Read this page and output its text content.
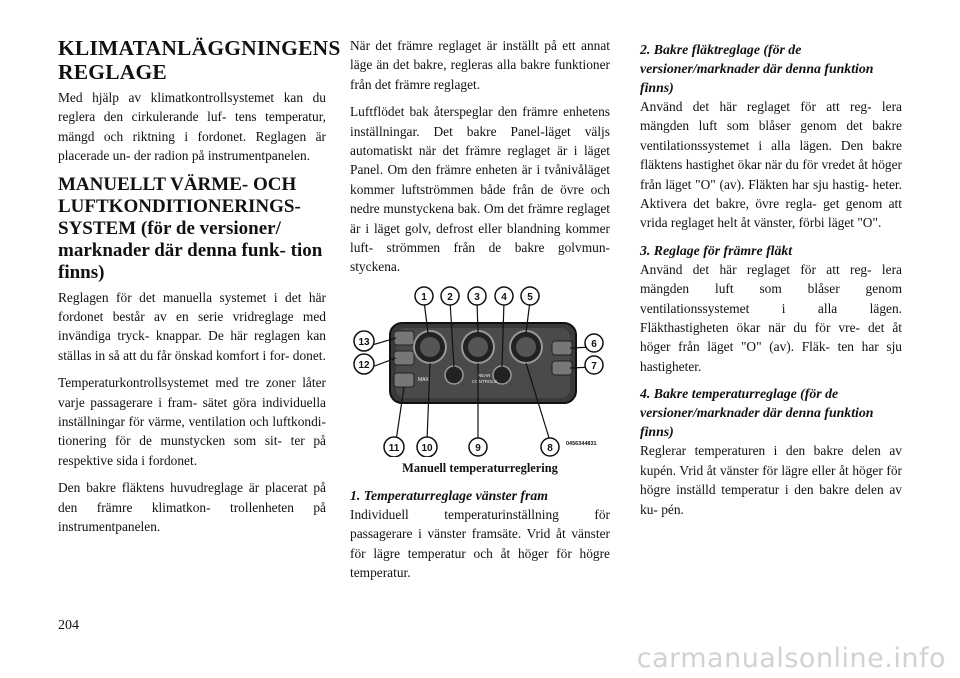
KLIMATANLÄGGNINGENS REGLAGE

Med hjälp av klimatkontrollsystemet kan du reglera den cirkulerande luf- tens temperatur, mängd och riktning i fordonet. Reglagen är placerade un- der radion på instrumentpanelen.

MANUELLT VÄRME- OCH LUFTKONDITIONERINGS- SYSTEM (för de versioner/ marknader där denna funk- tion finns)

Reglagen för det manuella systemet i det här fordonet består av en serie vridreglage med invändiga tryck- knappar. De här reglagen kan ställas in så att du får önskad komfort i for- donet.

Temperaturkontrollsystemet med tre zoner låter varje passagerare i fram- sätet göra individuella inställningar för värme, ventilation och luftkondi- tionering för de munstycken som sit- ter på respektive sida i fordonet.

Den bakre fläktens huvudreglage är placerat på den främre klimatkon- trollenheten på instrumentpanelen.

När det främre reglaget är inställt på ett annat läge än det bakre, regleras alla bakre funktioner från det främre reglaget.

Luftflödet bak återspeglar den främre enhetens inställningar. Det bakre Panel-läget väljs automatiskt när det främre reglaget är i läget Panel. Om den främre enheten är i tvånivåläget kommer luftströmmen både från de övre och nedre munstyckena bak. Om det främre reglaget är i läget golv, defrost eller blandning kommer luft- strömmen från de bakre golvmun- styckena.

MAX
REAR
CONTROLS
1 2 3 4 5
13
12
6
7
11 10	9	8 0456344831
Manuell temperaturreglering
1. Temperaturreglage vänster fram

Individuell temperaturinställning för passagerare i vänster framsäte. Vrid åt vänster för lägre temperatur och åt höger för högre temperatur.

2. Bakre fläktreglage (för de versioner/marknader där denna funktion finns)

Använd det här reglaget för att reg- lera mängden luft som blåser genom det bakre ventilationssystemet i alla lägen. Den bakre fläktens hastighet ökar när du för vredet åt höger från läget "O" (av). Fläkten har sju hastig- heter. Aktivera det bakre, övre regla- get genom att vrida reglaget helt åt vänster, förbi läget "O".

3. Reglage för främre fläkt

Använd det här reglaget för att reg- lera mängden luft som blåser genom ventilationssystemet i alla lägen. Fläkthastigheten ökar när du för vre- det åt höger från läget "O" (av). Fläk- ten har sju hastigheter.

4. Bakre temperaturreglage (för de versioner/marknader där denna funktion finns)

Reglerar temperaturen i den bakre delen av kupén. Vrid åt vänster för lägre eller åt höger för högre inställd temperatur i den bakre delen av ku- pén.

204
carmanualsonline.info
